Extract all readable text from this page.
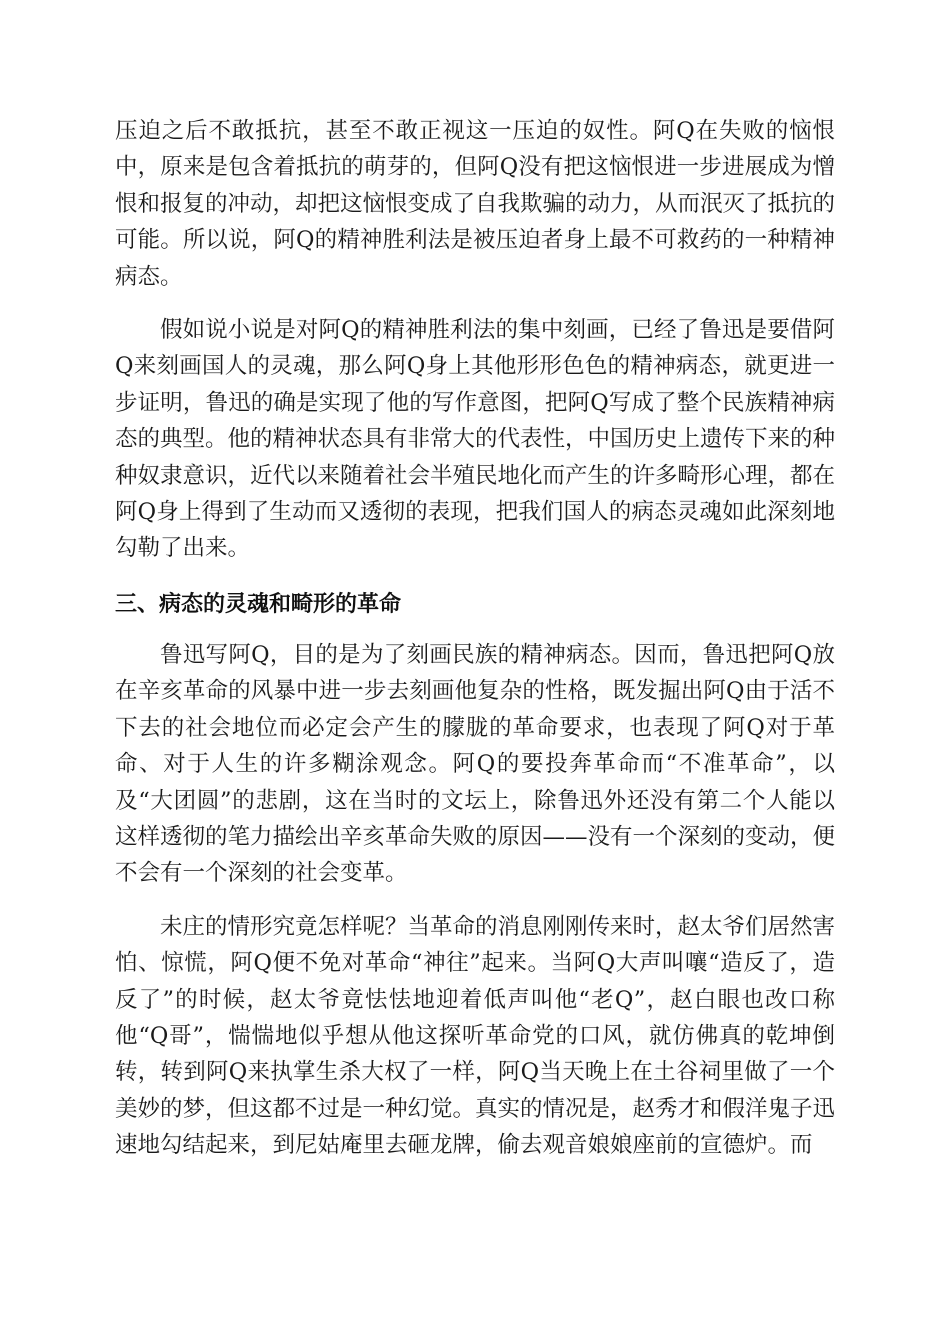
压迫之后不敢抵抗，甚至不敢正视这一压迫的奴性。阿Q在失败的恼恨中，原来是包含着抵抗的萌芽的，但阿Q没有把这恼恨进一步进展成为憎恨和报复的冲动，却把这恼恨变成了自我欺骗的动力，从而泯灭了抵抗的可能。所以说，阿Q的精神胜利法是被压迫者身上最不可救药的一种精神病态。

假如说小说是对阿Q的精神胜利法的集中刻画，已经了鲁迅是要借阿Q来刻画国人的灵魂，那么阿Q身上其他形形色色的精神病态，就更进一步证明，鲁迅的确是实现了他的写作意图，把阿Q写成了整个民族精神病态的典型。他的精神状态具有非常大的代表性，中国历史上遗传下来的种种奴隶意识，近代以来随着社会半殖民地化而产生的许多畸形心理，都在阿Q身上得到了生动而又透彻的表现，把我们国人的病态灵魂如此深刻地勾勒了出来。

三、病态的灵魂和畸形的革命

鲁迅写阿Q，目的是为了刻画民族的精神病态。因而，鲁迅把阿Q放在辛亥革命的风暴中进一步去刻画他复杂的性格，既发掘出阿Q由于活不下去的社会地位而必定会产生的朦胧的革命要求，也表现了阿Q对于革命、对于人生的许多糊涂观念。阿Q的要投奔革命而“不准革命”，以及“大团圆”的悲剧，这在当时的文坛上，除鲁迅外还没有第二个人能以这样透彻的笔力描绘出辛亥革命失败的原因——没有一个深刻的变动，便不会有一个深刻的社会变革。

未庄的情形究竟怎样呢？当革命的消息刚刚传来时，赵太爷们居然害怕、惊慌，阿Q便不免对革命“神往”起来。当阿Q大声叫嚷“造反了，造反了”的时候，赵太爷竟怯怯地迎着低声叫他“老Q”，赵白眼也改口称他“Q哥”，惴惴地似乎想从他这探听革命党的口风，就仿佛真的乾坤倒转，转到阿Q来执掌生杀大权了一样，阿Q当天晚上在土谷祠里做了一个美妙的梦，但这都不过是一种幻觉。真实的情况是，赵秀才和假洋鬼子迅速地勾结起来，到尼姑庵里去砸龙牌，偷去观音娘娘座前的宣德炉。而
